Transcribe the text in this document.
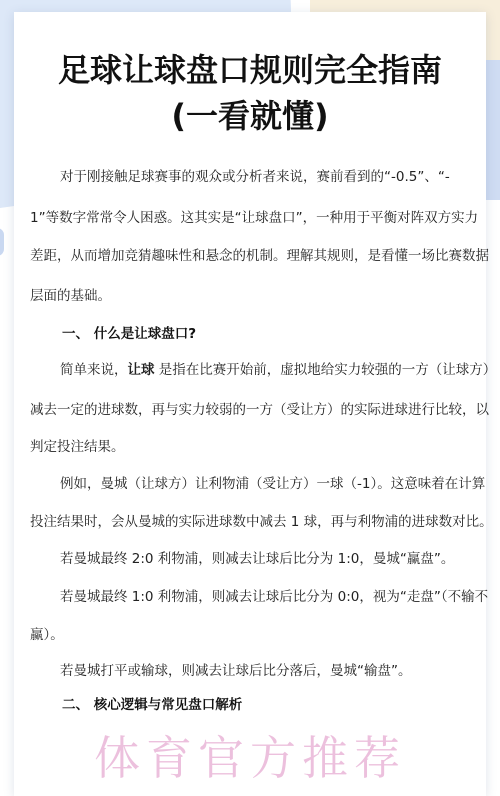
足球让球盘口规则完全指南
(一看就懂)
对于刚接触足球赛事的观众或分析者来说，赛前看到的“-0.5”、“-
1”等数字常常令人困惑。这其实是“让球盘口”，一种用于平衡对阵双方实力
差距，从而增加竞猜趣味性和悬念的机制。理解其规则，是看懂一场比赛数据
层面的基础。
一、 什么是让球盘口?
简单来说，让球 是指在比赛开始前，虚拟地给实力较强的一方（让球方）
减去一定的进球数，再与实力较弱的一方（受让方）的实际进球进行比较，以
判定投注结果。
例如，曼城（让球方）让利物浦（受让方）一球（-1）。这意味着在计算
投注结果时，会从曼城的实际进球数中减去 1 球，再与利物浦的进球数对比。
若曼城最终 2:0 利物浦，则减去让球后比分为 1:0，曼城“赢盘”。
若曼城最终 1:0 利物浦，则减去让球后比分为 0:0，视为“走盘”（不输不
赢）。
若曼城打平或输球，则减去让球后比分落后，曼城“输盘”。
二、 核心逻辑与常见盘口解析
体育官方推荐
